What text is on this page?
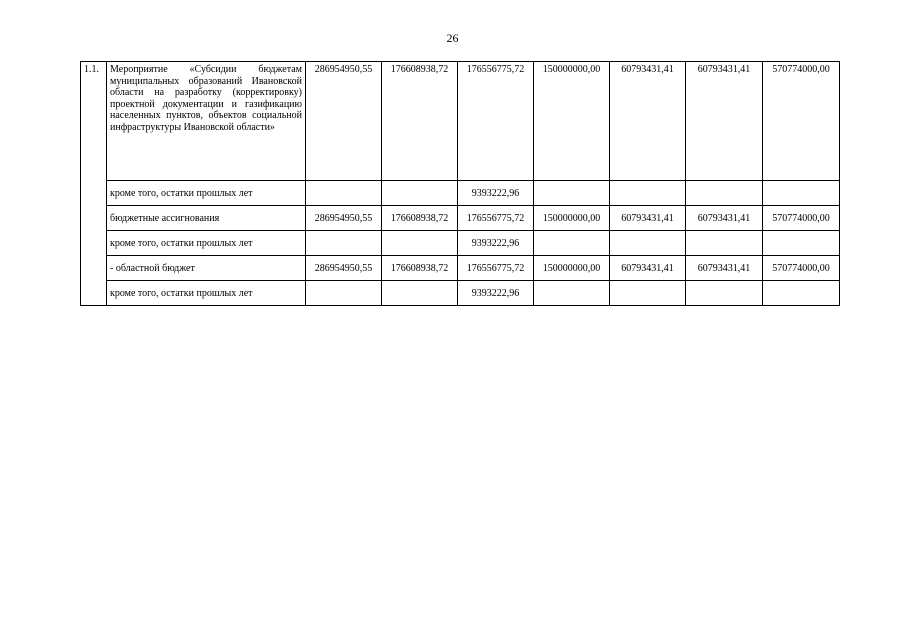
26
1.1.	Мероприятие «Субсидии бюджетам муниципальных образований Ивановской области на разработку (корректировку) проектной документации и газификацию населенных пунктов, объектов социальной инфраструктуры Ивановской области»	286954950,55	176608938,72	176556775,72	150000000,00	60793431,41	60793431,41	570774000,00
	кроме того, остатки прошлых лет			9393222,96				
	бюджетные ассигнования	286954950,55	176608938,72	176556775,72	150000000,00	60793431,41	60793431,41	570774000,00
	кроме того, остатки прошлых лет			9393222,96				
	- областной бюджет	286954950,55	176608938,72	176556775,72	150000000,00	60793431,41	60793431,41	570774000,00
	кроме того, остатки прошлых лет			9393222,96				
